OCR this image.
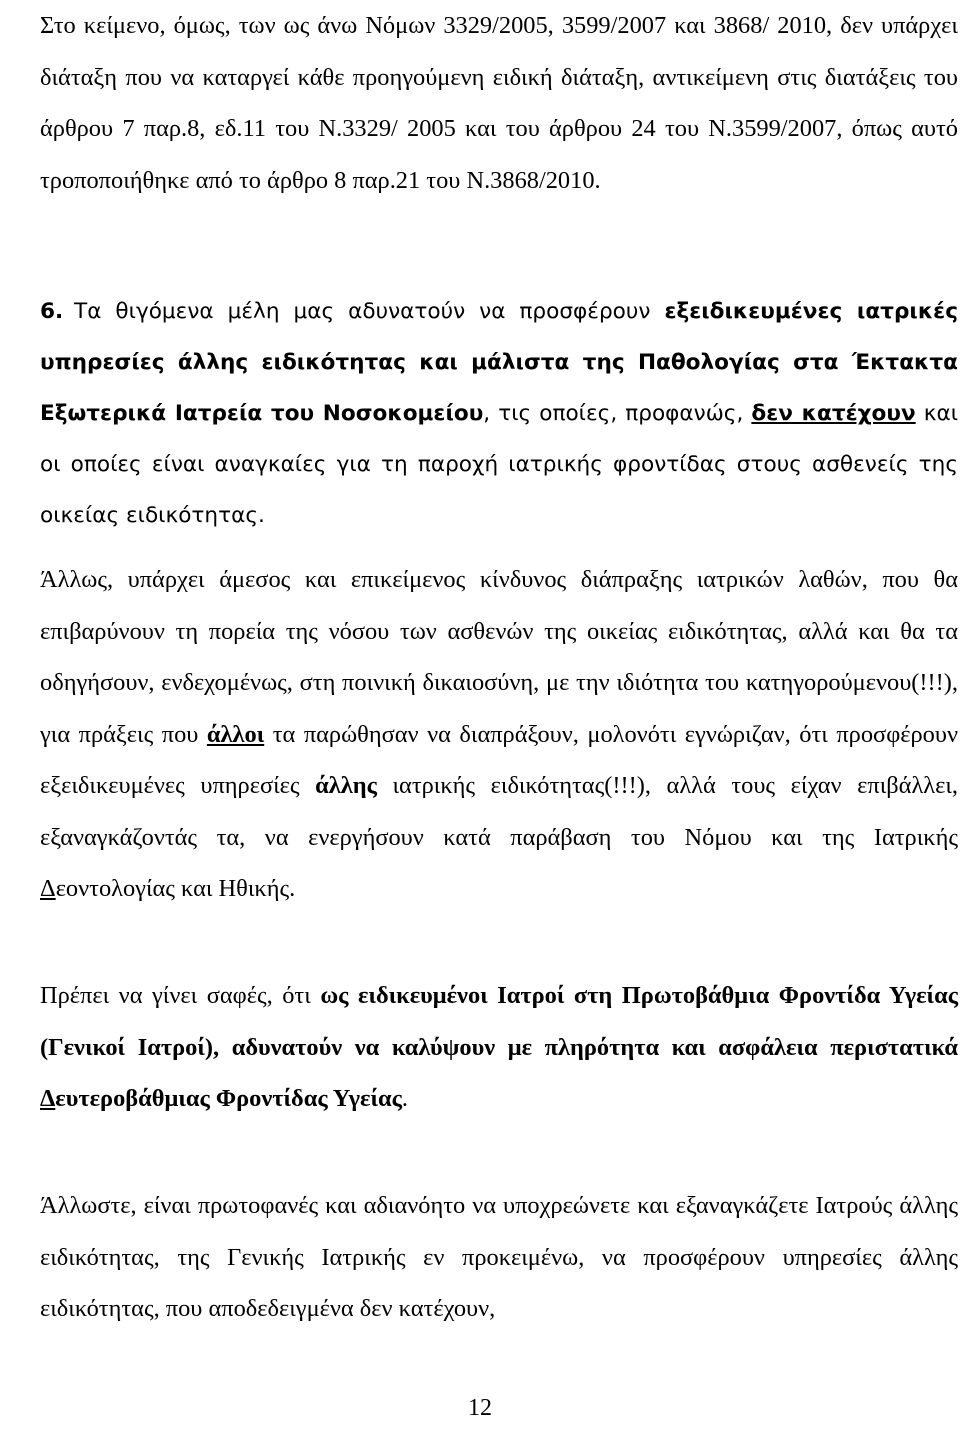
Στο κείμενο, όμως, των ως άνω Νόμων 3329/2005, 3599/2007 και 3868/ 2010, δεν υπάρχει διάταξη που να καταργεί κάθε προηγούμενη ειδική διάταξη, αντικείμενη στις διατάξεις του άρθρου 7 παρ.8, εδ.11 του Ν.3329/ 2005 και του άρθρου 24 του Ν.3599/2007, όπως αυτό τροποποιήθηκε από το άρθρο 8 παρ.21 του Ν.3868/2010.

6. Τα θιγόμενα μέλη μας αδυνατούν να προσφέρουν εξειδικευμένες ιατρικές υπηρεσίες άλλης ειδικότητας και μάλιστα της Παθολογίας στα Έκτακτα Εξωτερικά Ιατρεία του Νοσοκομείου, τις οποίες, προφανώς, δεν κατέχουν και οι οποίες είναι αναγκαίες για τη παροχή ιατρικής φροντίδας στους ασθενείς της οικείας ειδικότητας.

Άλλως, υπάρχει άμεσος και επικείμενος κίνδυνος διάπραξης ιατρικών λαθών, που θα επιβαρύνουν τη πορεία της νόσου των ασθενών της οικείας ειδικότητας, αλλά και θα τα οδηγήσουν, ενδεχομένως, στη ποινική δικαιοσύνη, με την ιδιότητα του κατηγορούμενου(!!!), για πράξεις που άλλοι τα παρώθησαν να διαπράξουν, μολονότι εγνώριζαν, ότι προσφέρουν εξειδικευμένες υπηρεσίες άλλης ιατρικής ειδικότητας(!!!), αλλά τους είχαν επιβάλλει, εξαναγκάζοντάς τα, να ενεργήσουν κατά παράβαση του Νόμου και της Ιατρικής Δεοντολογίας και Ηθικής.

Πρέπει να γίνει σαφές, ότι ως ειδικευμένοι Ιατροί στη Πρωτοβάθμια Φροντίδα Υγείας (Γενικοί Ιατροί), αδυνατούν να καλύψουν με πληρότητα και ασφάλεια περιστατικά Δευτεροβάθμιας Φροντίδας Υγείας.

Άλλωστε, είναι πρωτοφανές και αδιανόητο να υποχρεώνετε και εξαναγκάζετε Ιατρούς άλλης ειδικότητας, της Γενικής Ιατρικής εν προκειμένω, να προσφέρουν υπηρεσίες άλλης ειδικότητας, που αποδεδειγμένα δεν κατέχουν,

12
